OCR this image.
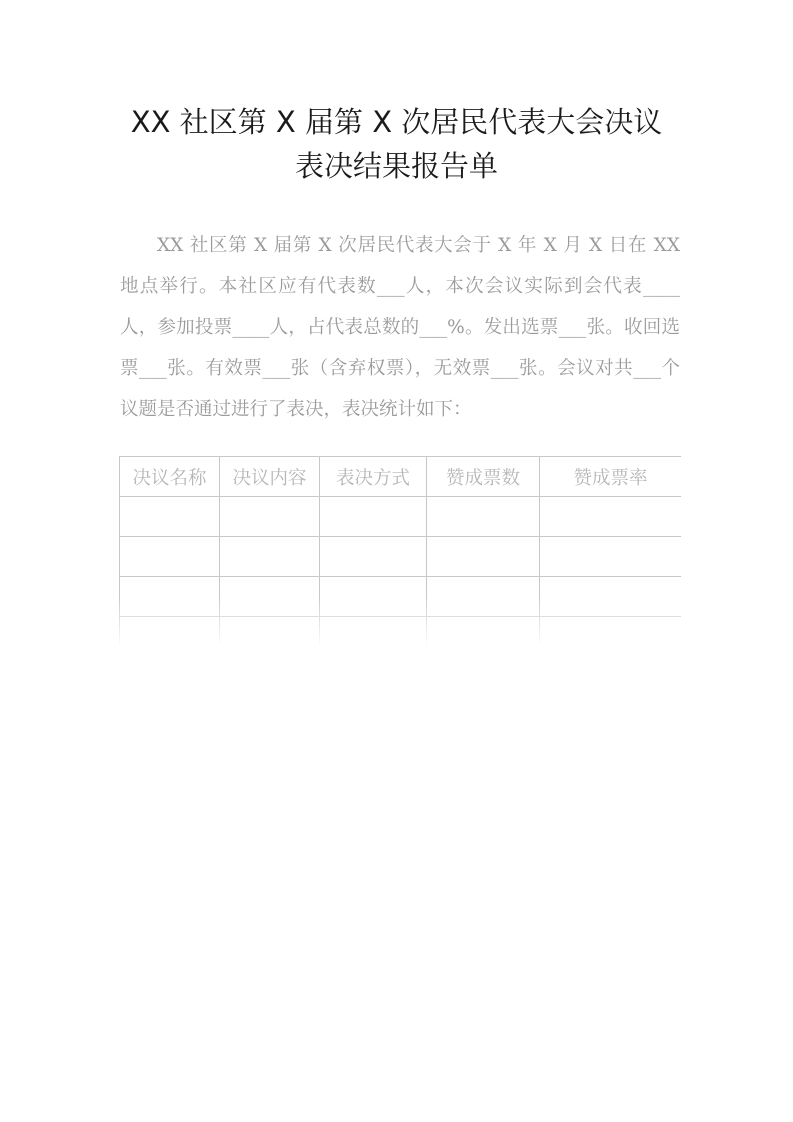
XX 社区第 X 届第 X 次居民代表大会决议
表决结果报告单
XX 社区第 X 届第 X 次居民代表大会于 X 年 X 月 X 日在 XX 地点举行。本社区应有代表数___人，本次会议实际到会代表____人，参加投票____人，占代表总数的___%。发出选票___张。收回选票___张。有效票___张（含弃权票），无效票___张。会议对共___个议题是否通过进行了表决，表决统计如下：
决议名称	决议内容	表决方式	赞成票数	赞成票率
